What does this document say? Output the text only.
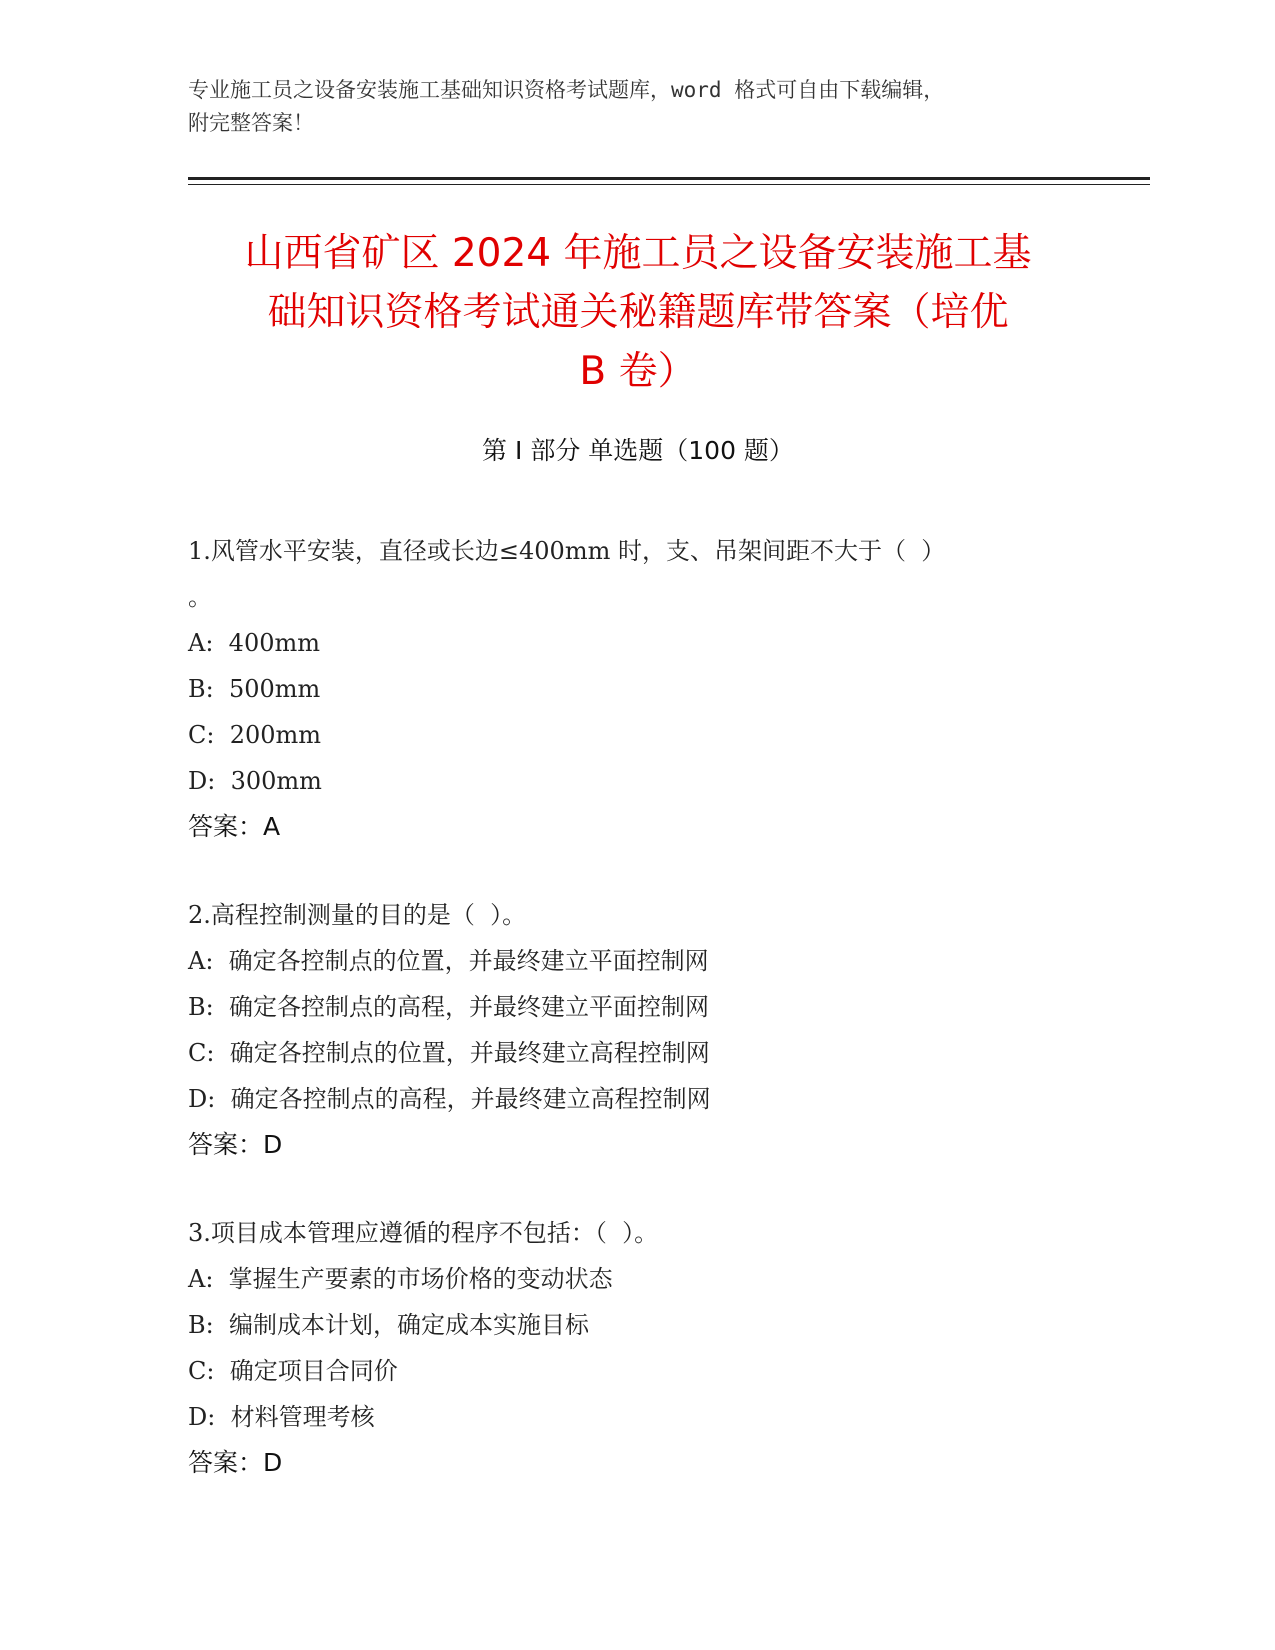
专业施工员之设备安装施工基础知识资格考试题库，word 格式可自由下载编辑，
附完整答案！
山西省矿区 2024 年施工员之设备安装施工基
础知识资格考试通关秘籍题库带答案（培优
B 卷）
第 I 部分 单选题（100 题）
1.风管水平安装，直径或长边≤400mm 时，支、吊架间距不大于（  ）
。
A:  400mm
B:  500mm
C:  200mm
D:  300mm
答案：A
2.高程控制测量的目的是（  ）。
A:  确定各控制点的位置，并最终建立平面控制网
B:  确定各控制点的高程，并最终建立平面控制网
C:  确定各控制点的位置，并最终建立高程控制网
D:  确定各控制点的高程，并最终建立高程控制网
答案：D
3.项目成本管理应遵循的程序不包括：（  ）。
A:  掌握生产要素的市场价格的变动状态
B:  编制成本计划，确定成本实施目标
C:  确定项目合同价
D:  材料管理考核
答案：D
